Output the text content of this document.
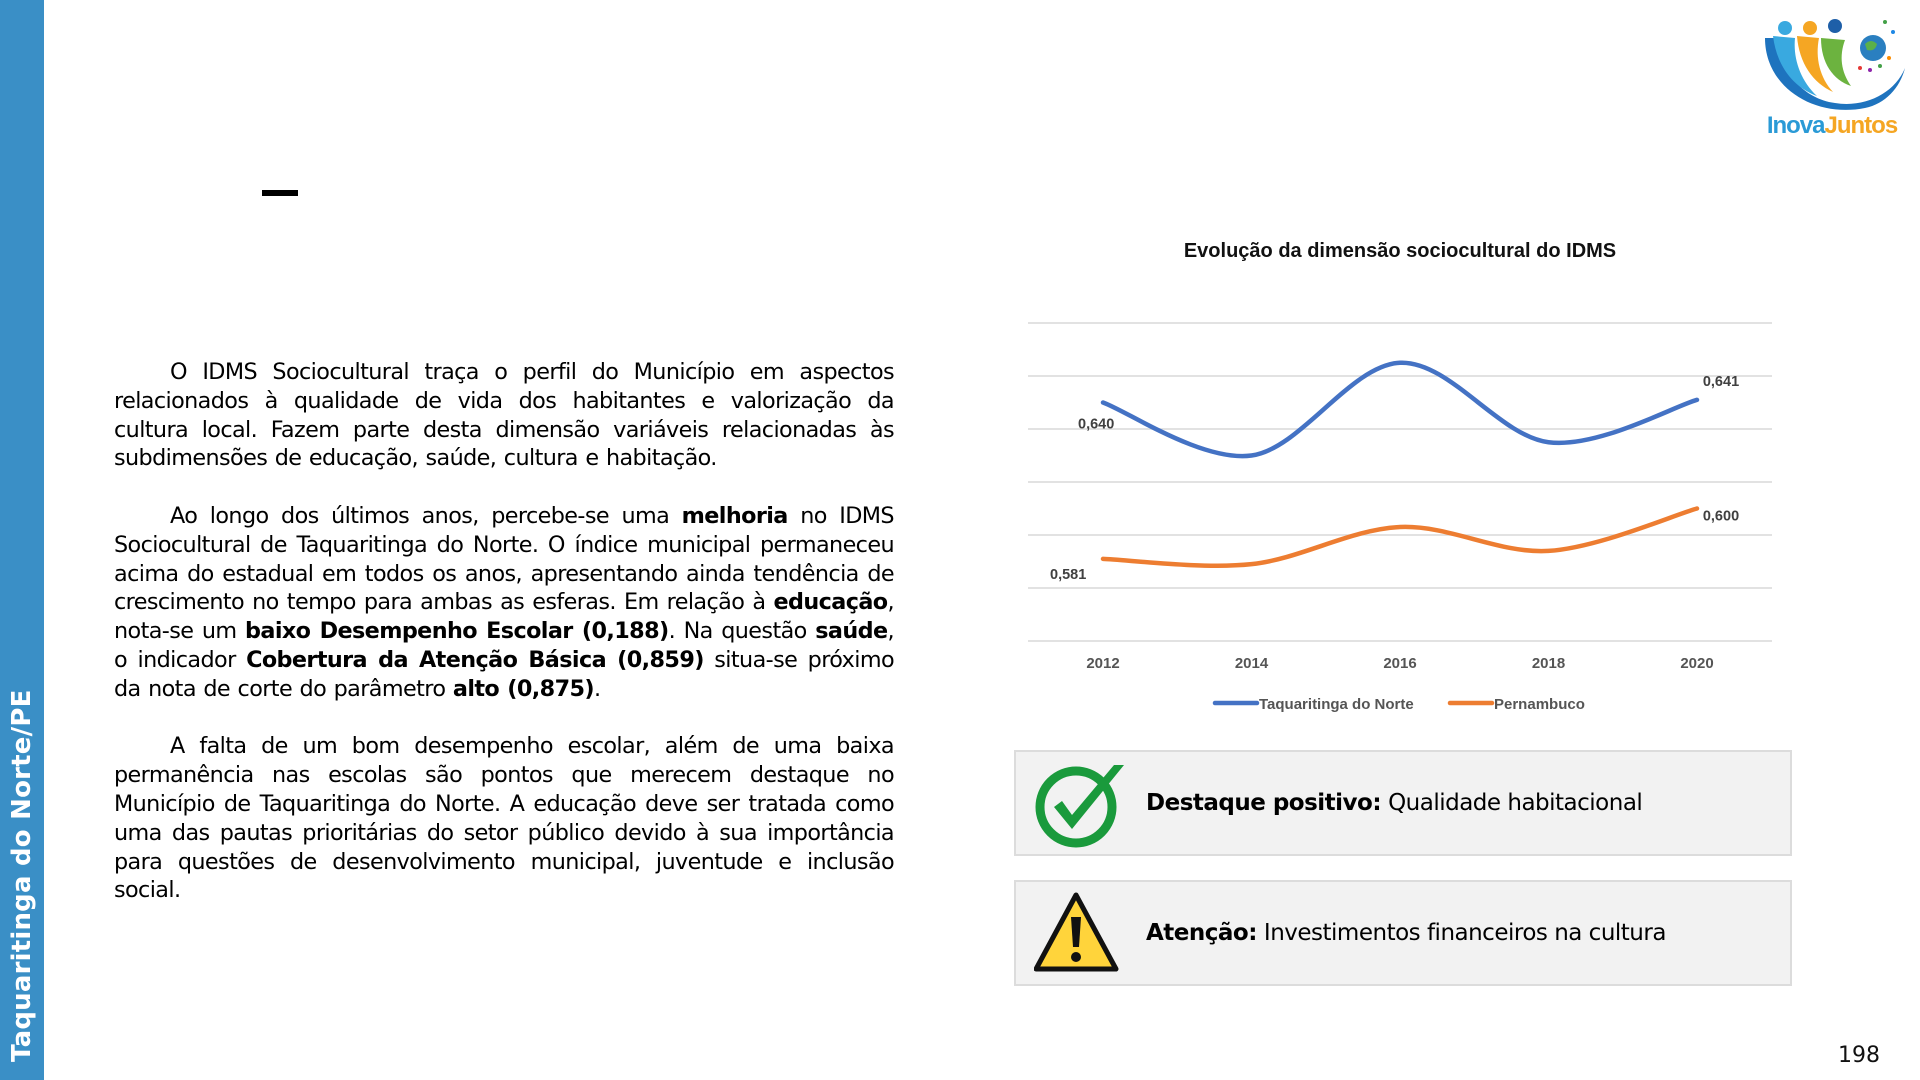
Taquaritinga do Norte/PE
InovaJuntos

O IDMS Sociocultural traça o perfil do Município em aspectos relacionados à qualidade de vida dos habitantes e valorização da cultura local. Fazem parte desta dimensão variáveis relacionadas às subdimensões de educação, saúde, cultura e habitação.

Ao longo dos últimos anos, percebe-se uma melhoria no IDMS Sociocultural de Taquaritinga do Norte. O índice municipal permaneceu acima do estadual em todos os anos, apresentando ainda tendência de crescimento no tempo para ambas as esferas. Em relação à educação, nota-se um baixo Desempenho Escolar (0,188). Na questão saúde, o indicador Cobertura da Atenção Básica (0,859) situa-se próximo da nota de corte do parâmetro alto (0,875).

A falta de um bom desempenho escolar, além de uma baixa permanência nas escolas são pontos que merecem destaque no Município de Taquaritinga do Norte. A educação deve ser tratada como uma das pautas prioritárias do setor público devido à sua importância para questões de desenvolvimento municipal, juventude e inclusão social.

Evolução da dimensão sociocultural do IDMS
2012	2014	2016	2018	2020
0,640
0,641
0,581
0,600
Taquaritinga do Norte	Pernambuco
Destaque positivo: Qualidade habitacional
Atenção: Investimentos financeiros na cultura
198
